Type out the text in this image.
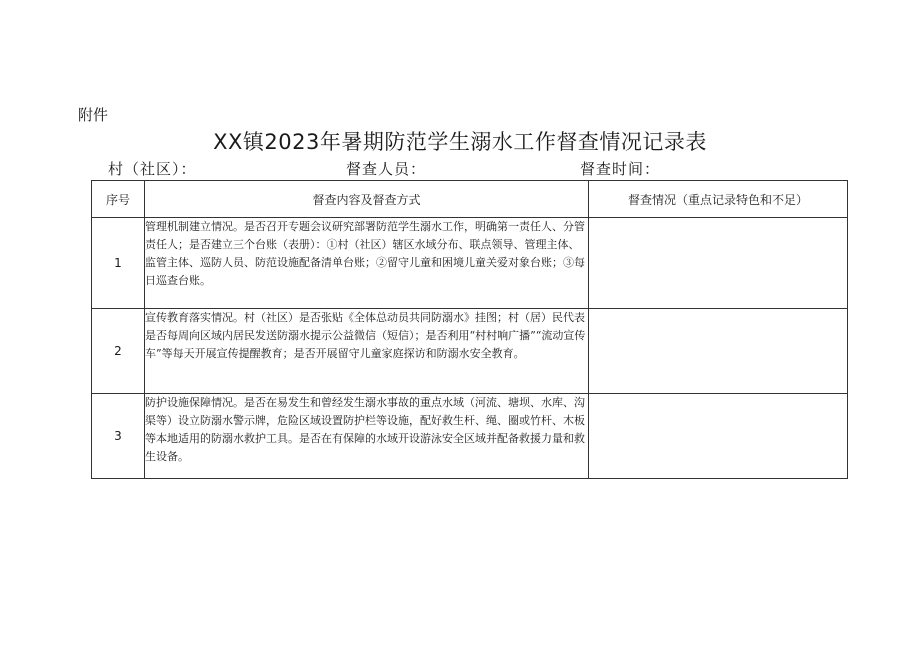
附件
XX镇2023年暑期防范学生溺水工作督查情况记录表
村（社区）：	督查人员：	督查时间：
序号	督查内容及督查方式	督查情况（重点记录特色和不足）
1	管理机制建立情况。是否召开专题会议研究部署防范学生溺水工作，明确第一责任人、分管责任人；是否建立三个台账（表册）：①村（社区）辖区水域分布、联点领导、管理主体、监管主体、巡防人员、防范设施配备清单台账；②留守儿童和困境儿童关爱对象台账；③每日巡查台账。	
2	宣传教育落实情况。村（社区）是否张贴《全体总动员共同防溺水》挂图；村（居）民代表是否每周向区域内居民发送防溺水提示公益微信（短信）；是否利用“村村响广播”“流动宣传车”等每天开展宣传提醒教育；是否开展留守儿童家庭探访和防溺水安全教育。	
3	防护设施保障情况。是否在易发生和曾经发生溺水事故的重点水域（河流、塘坝、水库、沟渠等）设立防溺水警示牌，危险区域设置防护栏等设施，配好救生杆、绳、圈或竹杆、木板等本地适用的防溺水救护工具。是否在有保障的水域开设游泳安全区域并配备救援力量和救生设备。	
